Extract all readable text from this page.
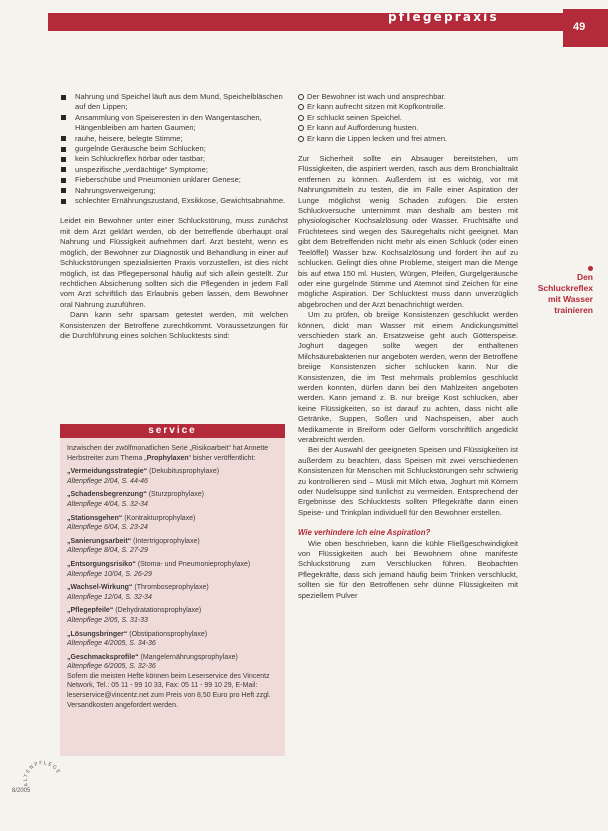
pflegepraxis
49
Nahrung und Speichel läuft aus dem Mund, Speichelbläschen auf den Lippen;
Ansammlung von Speiseresten in den Wangentaschen, Hängenbleiben am harten Gaumen;
rauhe, heisere, belegte Stimme;
gurgelnde Geräusche beim Schlucken;
kein Schluckreflex hörbar oder tastbar;
unspezifische „verdächtige“ Symptome;
Fieberschübe und Pneumonien unklarer Genese;
Nahrungsverweigerung;
schlechter Ernährungszustand, Exsikkose, Gewichtsabnahme.

Leidet ein Bewohner unter einer Schluckstörung, muss zunächst mit dem Arzt geklärt werden, ob der betreffende überhaupt oral Nahrung und Flüssigkeit aufnehmen darf. Arzt besteht, wenn es möglich, der Bewohner zur Diagnostik und Behandlung in einer auf Schluckstörungen spezialisierten Praxis vorzustellen, ist dies nicht möglich, ist das Pflegepersonal häufig auf sich allein gestellt. Zur rechtlichen Absicherung sollten sich die Pflegenden in jedem Fall vom Arzt schriftlich das Erlaubnis geben lassen, dem Bewohner oral Nahrung zuzuführen.

Dann kann sehr sparsam getestet werden, mit welchen Konsistenzen der Betroffene zurechtkommt. Voraussetzungen für die Durchführung eines solchen Schlucktests sind:

service

Inzwischen der zwölfmonatlichen Serie „Risikoarbeit“ hat Annette Herbstreiter zum Thema „Prophylaxen“ bisher veröffentlicht:

„Vermeidungsstrategie“ (Dekubitusprophylaxe)
Altenpflege 2/04, S. 44-46
„Schadensbegrenzung“ (Sturzprophylaxe)
Altenpflege 4/04, S. 32-34
„Stationsgehen“ (Kontrakturprophylaxe)
Altenpflege 6/04, S. 23-24
„Sanierungsarbeit“ (Intertrigoprophylaxe)
Altenpflege 8/04, S. 27-29
„Entsorgungsrisiko“ (Stoma- und Pneumonieprophylaxe)
Altenpflege 10/04, S. 26-29
„Wachsel-Wirkung“ (Thromboseprophylaxe)
Altenpflege 12/04, S. 32-34
„Pflegepfeile“ (Dehydratationsprophylaxe)
Altenpflege 2/05, S. 31-33
„Lösungsbringer“ (Obstipationsprophylaxe)
Altenpflege 4/2005, S. 34-36
„Geschmacksprofile“ (Mangelernährungsprophylaxe)
Altenpflege 6/2005, S. 32-36

Sofern die meisten Hefte können beim Leserservice des Vincentz Network, Tel.: 05 11 - 99 10 33, Fax: 05 11 - 99 10 29, E-Mail: leserservice@vincentz.net zum Preis von 8,50 Euro pro Heft zzgl. Versandkosten angefordert werden.

Der Bewohner ist wach und ansprechbar.
Er kann aufrecht sitzen mit Kopfkontrolle.
Er schluckt seinen Speichel.
Er kann auf Aufforderung husten.
Er kann die Lippen lecken und frei atmen.

Zur Sicherheit sollte ein Absauger bereitstehen, um Flüssigkeiten, die aspiriert werden, rasch aus dem Bronchialtrakt entfernen zu können. Außerdem ist es wichtig, vor mit Nahrungsmitteln zu testen, die im Falle einer Aspiration der Lunge möglichst wenig Schaden zufügen. Die ersten Schluckversuche unternimmt man deshalb am besten mit physiologischer Kochsalzlösung oder Wasser. Fruchtsäfte und Früchtetees sind wegen des Säuregehalts nicht geeignet. Man gibt dem Betreffenden nicht mehr als einen Schluck (oder einen Teelöffel) Wasser bzw. Kochsalzlösung und fordert ihn auf zu schlucken. Gelingt dies ohne Probleme, steigert man die Menge bis auf etwa 150 ml. Husten, Würgen, Pfeifen, Gurgelgeräusche oder eine gurgelnde Stimme und Atemnot sind Zeichen für eine mögliche Aspiration. Der Schlucktest muss dann unverzüglich abgebrochen und der Arzt benachrichtigt werden.

Um zu prüfen, ob breiige Konsistenzen geschluckt werden können, dickt man Wasser mit einem Andickungsmittel verschieden stark an. Ersatzweise geht auch Götterspeise. Joghurt dagegen sollte wegen der enthaltenen Milchsäurebakterien nur angeboten werden, wenn der Betroffene breiige Konsistenzen sicher schlucken kann. Nur die Konsistenzen, die im Test mehrmals problemlos geschluckt werden konnten, dürfen dann bei den Mahlzeiten angeboten werden. Kann jemand z. B. nur breiige Kost schlucken, aber keine Flüssigkeiten, so ist darauf zu achten, dass nicht alle Getränke, Suppen, Soßen und Nachspeisen, aber auch Medikamente in Breiform oder Gelform vorschriftlich angedickt verabreicht werden.

Bei der Auswahl der geeigneten Speisen und Flüssigkeiten ist außerdem zu beachten, dass Speisen mit zwei verschiedenen Konsistenzen für Menschen mit Schluckstörungen sehr schwierig zu kontrollieren sind – Müsli mit Milch etwa, Joghurt mit Körnern oder Nudelsuppe sind tunlichst zu vermeiden. Entsprechend der Ergebnisse des Schlucktests sollten Pflegekräfte dann einen Speise- und Trinkplan individuell für den Bewohner erstellen.

Wie verhindere ich eine Aspiration?

Wie oben beschrieben, kann die kühle Fließgeschwindigkeit von Flüssigkeiten auch bei Bewohnern ohne manifeste Schluckstörung zum Verschlucken führen. Beobachten Pflegekräfte, dass sich jemand häufig beim Trinken verschluckt, sollten sie für den Betroffenen sehr dünne Flüssigkeiten mit speziellem Pulver

Den
Schluckreflex
mit Wasser
trainieren
ALTENPFLEGE
8/2005
